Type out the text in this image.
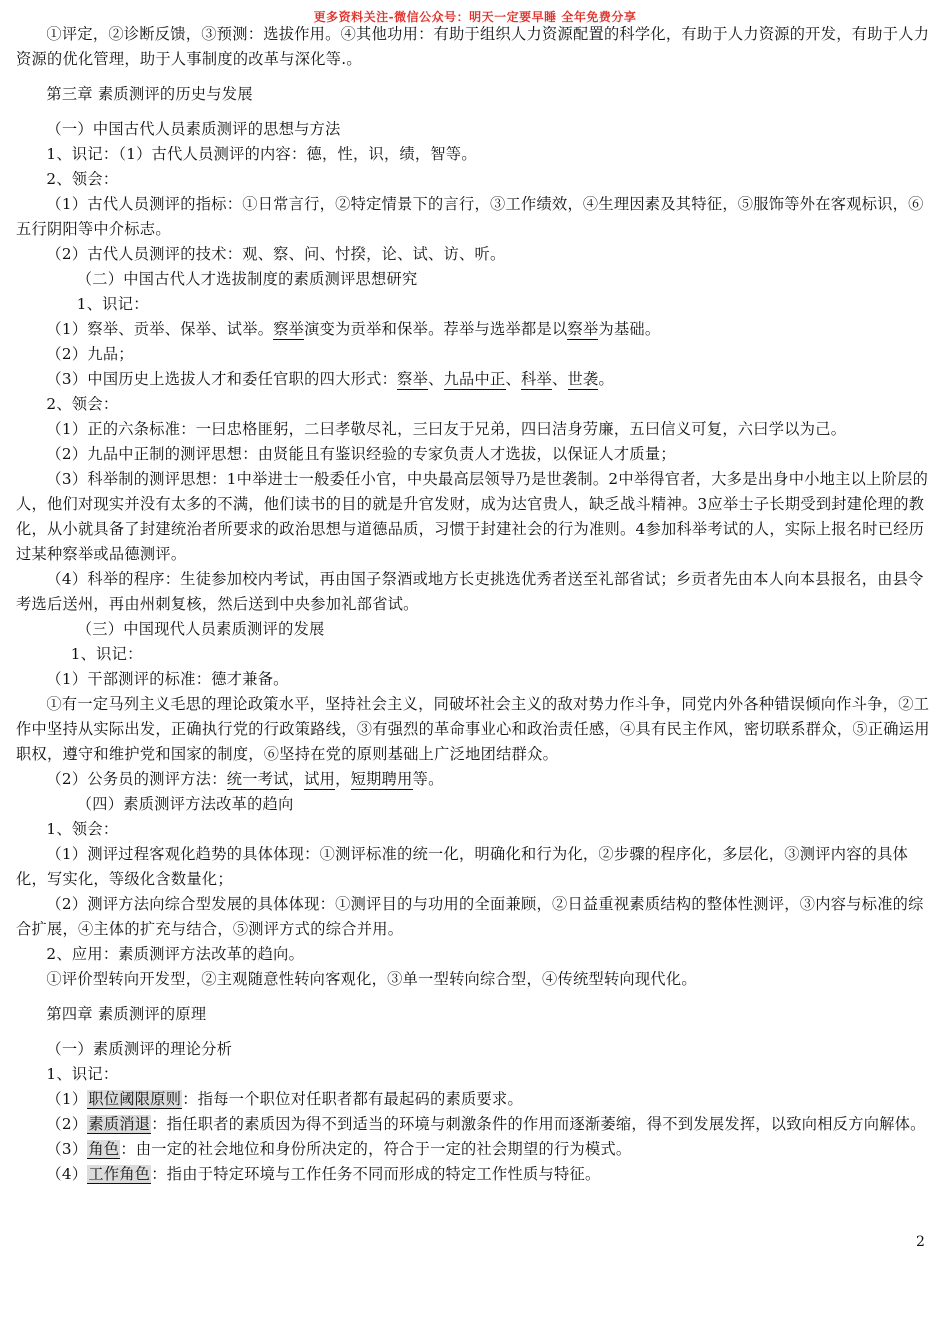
更多资料关注-微信公众号：明天一定要早睡 全年免费分享

①评定，②诊断反馈，③预测：选拔作用。④其他功用：有助于组织人力资源配置的科学化，有助于人力资源的开发，有助于人力资源的优化管理，助于人事制度的改革与深化等.。

第三章 素质测评的历史与发展

（一）中国古代人员素质测评的思想与方法

1、识记：（1）古代人员测评的内容：德，性，识，绩，智等。

2、领会：

（1）古代人员测评的指标：①日常言行，②特定情景下的言行，③工作绩效，④生理因素及其特征，⑤服饰等外在客观标识，⑥五行阴阳等中介标志。

（2）古代人员测评的技术：观、察、问、忖揆，论、试、访、听。

（二）中国古代人才选拔制度的素质测评思想研究

1、识记：

（1）察举、贡举、保举、试举。察举演变为贡举和保举。荐举与选举都是以察举为基础。

（2）九品；

（3）中国历史上选拔人才和委任官职的四大形式：察举、九品中正、科举、世袭。

2、领会：

（1）正的六条标准：一曰忠格匪躬，二曰孝敬尽礼，三曰友于兄弟，四曰洁身劳廉，五曰信义可复，六曰学以为己。

（2）九品中正制的测评思想：由贤能且有鉴识经验的专家负责人才选拔，以保证人才质量；

（3）科举制的测评思想：1中举进士一般委任小官，中央最高层领导乃是世袭制。2中举得官者，大多是出身中小地主以上阶层的人，他们对现实并没有太多的不满，他们读书的目的就是升官发财，成为达官贵人，缺乏战斗精神。3应举士子长期受到封建伦理的教化，从小就具备了封建统治者所要求的政治思想与道德品质，习惯于封建社会的行为准则。4参加科举考试的人，实际上报名时已经历过某种察举或品德测评。

（4）科举的程序：生徒参加校内考试，再由国子祭酒或地方长吏挑选优秀者送至礼部省试；乡贡者先由本人向本县报名，由县令考选后送州，再由州刺复核，然后送到中央参加礼部省试。

（三）中国现代人员素质测评的发展

1、识记：

（1）干部测评的标准：德才兼备。

①有一定马列主义毛思的理论政策水平，坚持社会主义，同破坏社会主义的敌对势力作斗争，同党内外各种错误倾向作斗争，②工作中坚持从实际出发，正确执行党的行政策路线，③有强烈的革命事业心和政治责任感，④具有民主作风，密切联系群众，⑤正确运用职权，遵守和维护党和国家的制度，⑥坚持在党的原则基础上广泛地团结群众。

（2）公务员的测评方法：统一考试，试用，短期聘用等。

（四）素质测评方法改革的趋向

1、领会：

（1）测评过程客观化趋势的具体体现：①测评标准的统一化，明确化和行为化，②步骤的程序化，多层化，③测评内容的具体化，写实化，等级化含数量化；

（2）测评方法向综合型发展的具体体现：①测评目的与功用的全面兼顾，②日益重视素质结构的整体性测评，③内容与标准的综合扩展，④主体的扩充与结合，⑤测评方式的综合并用。

2、应用：素质测评方法改革的趋向。

①评价型转向开发型，②主观随意性转向客观化，③单一型转向综合型，④传统型转向现代化。

第四章 素质测评的原理

（一）素质测评的理论分析

1、识记：

（1）职位阈限原则：指每一个职位对任职者都有最起码的素质要求。

（2）素质消退：指任职者的素质因为得不到适当的环境与刺激条件的作用而逐渐萎缩，得不到发展发挥，以致向相反方向解体。

（3）角色：由一定的社会地位和身份所决定的，符合于一定的社会期望的行为模式。

（4）工作角色：指由于特定环境与工作任务不同而形成的特定工作性质与特征。

2
